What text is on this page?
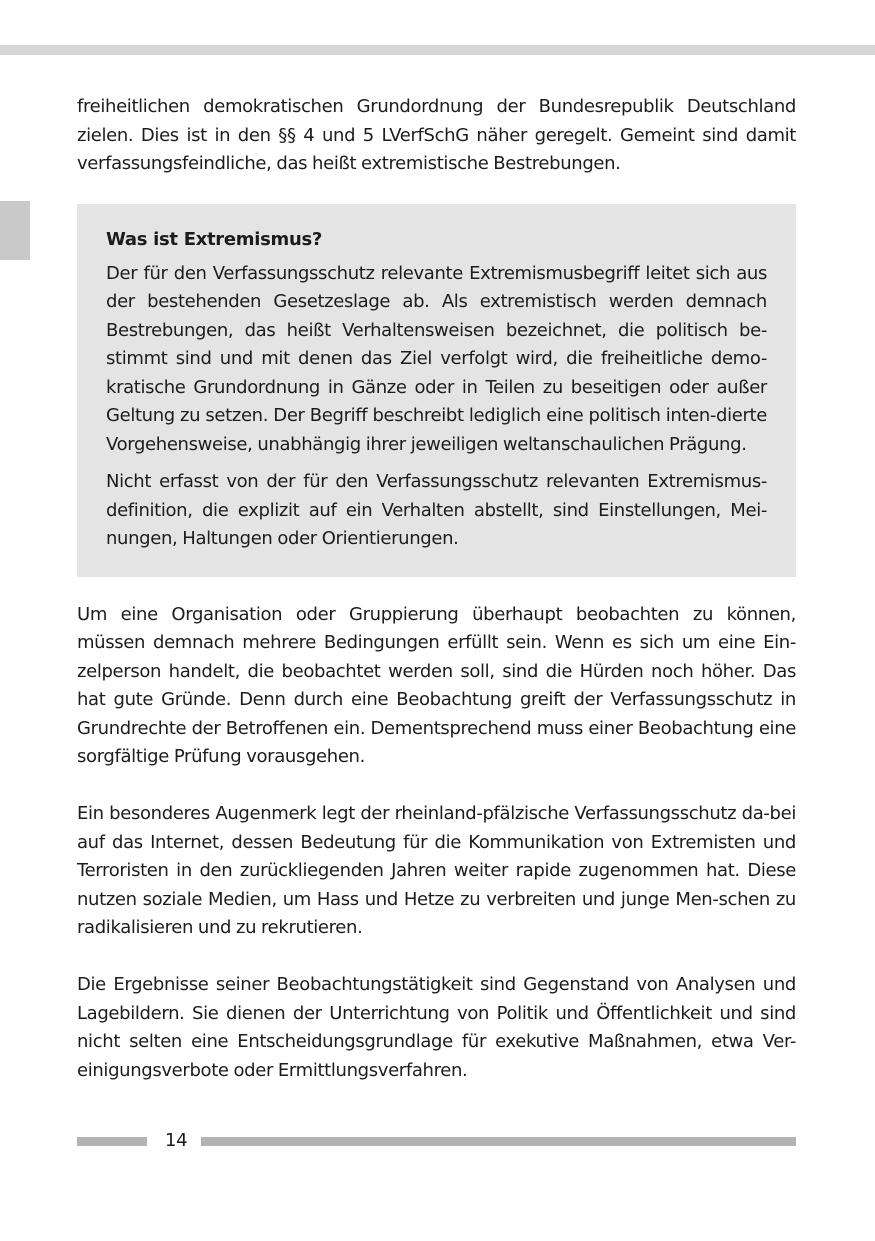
freiheitlichen demokratischen Grundordnung der Bundesrepublik Deutschland zielen. Dies ist in den §§ 4 und 5 LVerfSchG näher geregelt. Gemeint sind damit verfassungsfeindliche, das heißt extremistische Bestrebungen.

Was ist Extremismus?

Der für den Verfassungsschutz relevante Extremismusbegriff leitet sich aus der bestehenden Gesetzeslage ab. Als extremistisch werden demnach Bestrebungen, das heißt Verhaltensweisen bezeichnet, die politisch be-stimmt sind und mit denen das Ziel verfolgt wird, die freiheitliche demo-kratische Grundordnung in Gänze oder in Teilen zu beseitigen oder außer Geltung zu setzen. Der Begriff beschreibt lediglich eine politisch inten-dierte Vorgehensweise, unabhängig ihrer jeweiligen weltanschaulichen Prägung.

Nicht erfasst von der für den Verfassungsschutz relevanten Extremismus-definition, die explizit auf ein Verhalten abstellt, sind Einstellungen, Mei-nungen, Haltungen oder Orientierungen.

Um eine Organisation oder Gruppierung überhaupt beobachten zu können, müssen demnach mehrere Bedingungen erfüllt sein. Wenn es sich um eine Ein-zelperson handelt, die beobachtet werden soll, sind die Hürden noch höher. Das hat gute Gründe. Denn durch eine Beobachtung greift der Verfassungsschutz in Grundrechte der Betroffenen ein. Dementsprechend muss einer Beobachtung eine sorgfältige Prüfung vorausgehen.

Ein besonderes Augenmerk legt der rheinland-pfälzische Verfassungsschutz da-bei auf das Internet, dessen Bedeutung für die Kommunikation von Extremisten und Terroristen in den zurückliegenden Jahren weiter rapide zugenommen hat. Diese nutzen soziale Medien, um Hass und Hetze zu verbreiten und junge Men-schen zu radikalisieren und zu rekrutieren.

Die Ergebnisse seiner Beobachtungstätigkeit sind Gegenstand von Analysen und Lagebildern. Sie dienen der Unterrichtung von Politik und Öffentlichkeit und sind nicht selten eine Entscheidungsgrundlage für exekutive Maßnahmen, etwa Ver-einigungsverbote oder Ermittlungsverfahren.

14
